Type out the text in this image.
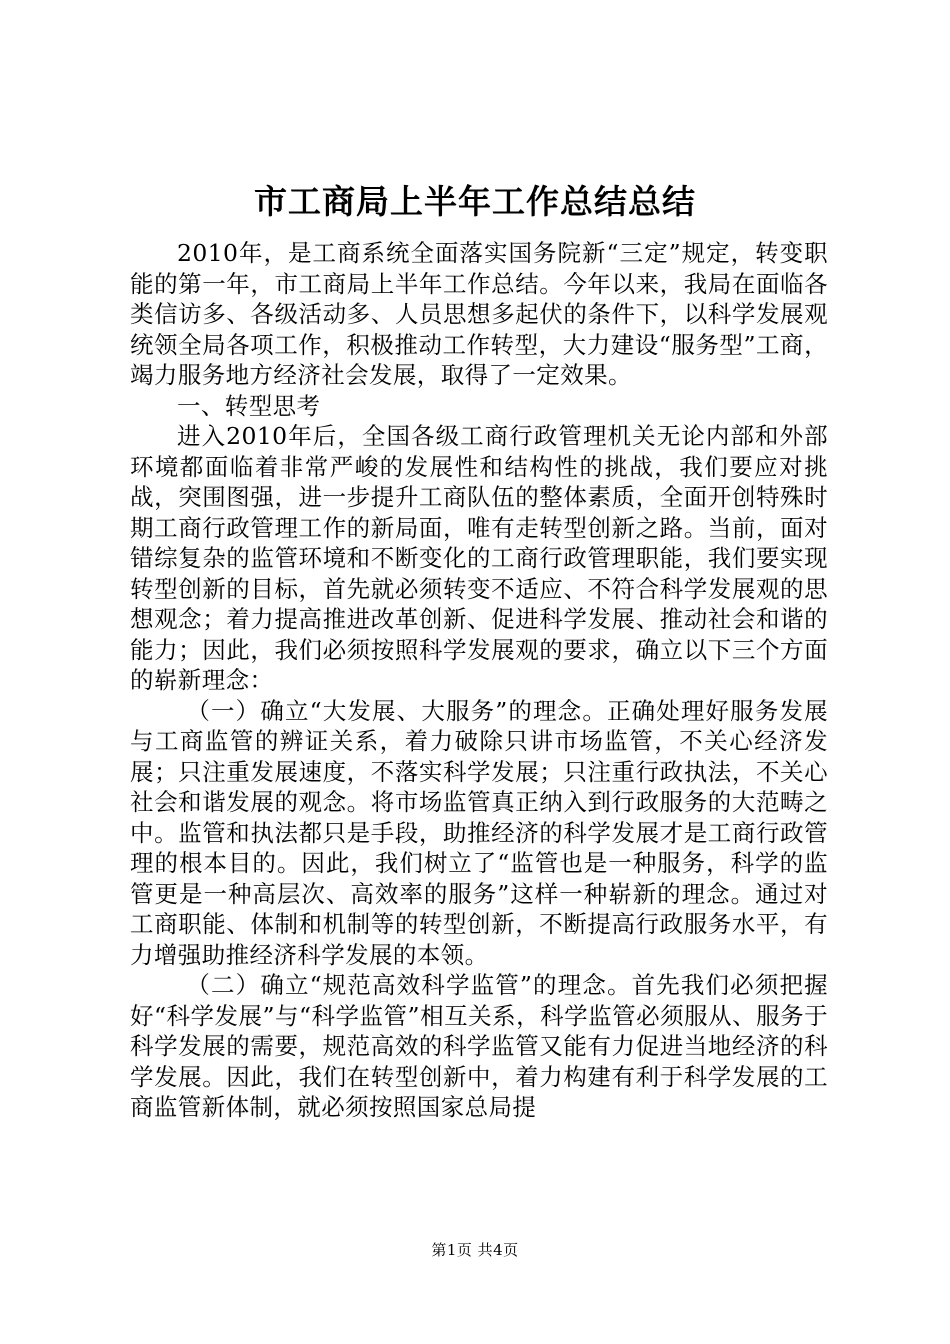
市工商局上半年工作总结总结

2010年，是工商系统全面落实国务院新“三定”规定，转变职能的第一年，市工商局上半年工作总结。今年以来，我局在面临各类信访多、各级活动多、人员思想多起伏的条件下，以科学发展观统领全局各项工作，积极推动工作转型，大力建设“服务型”工商，竭力服务地方经济社会发展，取得了一定效果。

一、转型思考

进入2010年后，全国各级工商行政管理机关无论内部和外部环境都面临着非常严峻的发展性和结构性的挑战，我们要应对挑战，突围图强，进一步提升工商队伍的整体素质，全面开创特殊时期工商行政管理工作的新局面，唯有走转型创新之路。当前，面对错综复杂的监管环境和不断变化的工商行政管理职能，我们要实现转型创新的目标，首先就必须转变不适应、不符合科学发展观的思想观念；着力提高推进改革创新、促进科学发展、推动社会和谐的能力；因此，我们必须按照科学发展观的要求，确立以下三个方面的崭新理念：

（一）确立“大发展、大服务”的理念。正确处理好服务发展与工商监管的辨证关系，着力破除只讲市场监管，不关心经济发展；只注重发展速度，不落实科学发展；只注重行政执法，不关心社会和谐发展的观念。将市场监管真正纳入到行政服务的大范畴之中。监管和执法都只是手段，助推经济的科学发展才是工商行政管理的根本目的。因此，我们树立了“监管也是一种服务，科学的监管更是一种高层次、高效率的服务”这样一种崭新的理念。通过对工商职能、体制和机制等的转型创新，不断提高行政服务水平，有力增强助推经济科学发展的本领。

（二）确立“规范高效科学监管”的理念。首先我们必须把握好“科学发展”与“科学监管”相互关系，科学监管必须服从、服务于科学发展的需要，规范高效的科学监管又能有力促进当地经济的科学发展。因此，我们在转型创新中，着力构建有利于科学发展的工商监管新体制，就必须按照国家总局提

第1页 共4页
